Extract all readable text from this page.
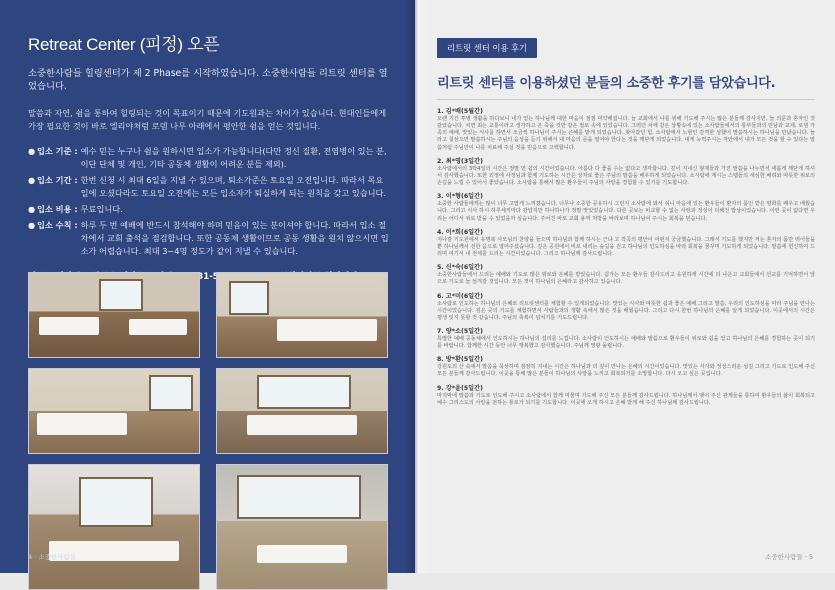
Retreat Center (피정) 오픈

소중한사람들 힐링센터가 제 2 Phase를 시작하였습니다. 소중한사람들 리트릿 센터를 열었습니다.

말씀과 자연, 쉼을 통하여 힐링되는 것이 목표이기 때문에 기도원과는 차이가 있습니다. 현대인들에게 가장 필요한 것이 바로 엘리야처럼 로뎀 나무 아래에서 평안한 쉼을 얻는 것입니다.

● 입소 기준 : 예수 믿는 누구나 쉼을 원하시면 입소가 가능합니다(다만 정신 질환, 전염병이 있는 분, 이단 단체 및 개인, 기타 공동체 생활이 어려운 분들 제외).
● 입소 기간 : 한번 신청 시 최대 6일을 지낼 수 있으며, 퇴소가준은 토요일 오전입니다. 따라서 목요일에 오셨다라도 토요일 오전에는 모든 입소자가 퇴실하게 되는 원칙을 갖고 있습니다.
● 입소 비용 : 무료입니다.
● 입소 수칙 : 하루 두 번 예배에 반드시 참석해야 하며 믿음이 있는 분이셔야 합니다. 따라서 입소 절차에서 교회 출석을 점검합니다. 또한 공동체 생활이므로 공동 생활을 원치 않으시면 입소가 어렵습니다. 최대 3~4명 정도가 같이 지낼 수 있습니다.

4 · 소중한사람들
리트릿 센터 이용 후기
리트릿 센터를 이용하셨던 분들의 소중한 후기를 담았습니다.

1. 김*배(5월간)

오랜 기간 투병 생활을 하다보니 내가 얻는 하나님께 대한 마음이 점점 미약해집니다. 늘 교회에서 나를 위해 기도해 주시는 많은 분들께 감사지만, 늘 의문과 혼자인 것 같았습니다. 치면 최는 교통이라고 생각하고 온 죽을 것만 같은 절로 속에 있었습니다. 그러던 차에 같은 상황속에 있는 소사람들에서의 통부들과의 만남과 교제, 로뎀 가족의 예배, 맛있는 식사를 하면서 조금씩 하나님이 주시는 은혜를 받게 되었습니다. 찾아갔던 힘, 소사람에서 노현인 감격한 성했어 말씀하시는 하나님을 만났습니다. 놀라고 칠삼으면 말씀하시는 주님의 음성을 듣기 위해서 내 마음의 문을 열어야 한다는 것을 깨닫게 되었습니다. 내게 능력주시는 자안에서 내가 모든 것을 할 수 있다는 말씀처럼 주님만이 나를 치료해 주실 것을 믿음으로 고백합니다.

2. 최*영(3일간)

소사람에서의 3박4일의 시간은 정말 먼 쉼의 시간이었습니다. 아름다 다 좋을 수는 없다고 생각합니다. 깊이 지내신 형제들과 가진 말씀을 나누면서 새롭게 깨닫게 하셔서 감사했습니다. 또한 외정에 사정님과 함께 기도하는 시간은 상처로 좋은 주님의 말씀을 배우하게 되었습니다. 소사람에 계시는 스텝들의 세심한 배려와 따뜻한 위로의 손길을 느낄 수 있어서 좋았습니다. 소사람을 통해서 많은 환우들이 주님의 사랑을 경험할 수 있기를 기도합니다.

3. 이*형(6일간)

소중한 사람들에게는 많이 너무 고맙게 느껴졌습니다. 너무나 소중한 공유하시 그런지 소사람에 와서 쉬니 마음에 있는 환우들이 환자의 몸인 받은 평화를 배우고 배웠습니다. 그리고 식사 하시 하루세끼마다 감압지만 하나하나가 정말 맛있었습니다. 다른 곳보는 비교할 수 없는 사랑과 정성이 더해진 밥상이었습니다. 이런 곳이 없다면 우리는 어디서 위로 받을 수 있었을까 싶습니다. 주어진 바로 교회 용역 처방을 바라보며 하나님이 주시는 회복을 믿습니다.

4. 이*희(6일간)

지나갈 기도원에서 유명복 사모님의 찬양을 들으며 하나님과 함께 하시는 근냐 고 작곡의 평안이 어떤지 궁금했습니다. 그래서 기도를 했지만 저는 혼자의 몸만 뛰어들을 뿐 하나님께서 선한 음으로 열어주셨습니다. 깊은 공원에서 비로 내리는 숲길을 걷고 하나님의 인도하심을 따라 회복을 꿈꾸며 기도하게 되었습니다. 말씀에 헌신하여 드리며 여기서 내 전체를 드리는 시간이었습니다. 그리고 하나님께 감사드립니다.

5. 신*숙(6일간)

소중한사람들에서 드리는 예배와 기도로 많은 위로와 은혜를 받았습니다. 쉼가는 모든 환우들 감사드리고 응원하게 시간에 더 나은고 교회들에서 선교를 기억하면서 앞으로 기도로 늘 섬겨갈 것입니다. 모든 것이 하나님의 은혜라고 감사하고 있습니다.

6. 고*미(6일간)

소사람로 인도하는 하나님의 은혜로 리트릿센터를 체험할 수 있게되었습니다. 맛있는 식사와 따뜻한 쉼과 좋은 예배 그리고 말씀, 우리의 인도하심을 따라 주님을 만나는 시간이었습니다. 깊은 곳의 기도를 체험하면서 사람들과의 생활 속에서 많은 것을 배웠습니다. 그리고 다시 한번 하나님의 은혜를 알게 되었습니다. 이곳에서의 시간은 평생 잊지 못할 것 같습니다. 주님의 축복이 넘치기를 기도드립니다.

7. 양*소(5일간)

특별한 예배 공동체에서 인도하시는 하나님의 섭리를 느낍니다. 소사람이 인도하시는 예배와 말씀으로 환우들이 위로와 쉼을 얻고 하나님의 은혜를 경험하는 곳이 되기를 바랍니다. 함께한 시간 동안 너무 행복했고 감사했습니다. 주님께 영광 돌립니다.

8. 방*환(5일간)

강원도의 산 속에서 말씀을 묵상하며 잠잠히 지내는 시간은 하나님과 더 깊이 만나는 은혜의 시간이었습니다. 맛있는 식사와 정성스러운 섬김 그리고 기도로 인도해 주신 모든 분들께 감사드립니다. 이곳을 통해 많은 분들이 하나님의 사랑을 느끼고 회복되기를 소망합니다. 다시 오고 싶은 곳입니다.

9. 강*윤(5일간)

마지막에 말씀과 기도로 인도해 주시고 소사람에서 함께 머물며 기도해 주신 모든 분들께 감사드립니다. 하나님께서 맺어 주신 관계들을 통하여 환우들의 삶이 회복되고 예수 그리스도의 사랑을 전하는 통로가 되기를 기도합니다. 이곳에 오게 하시고 은혜 받게 해 주신 하나님께 감사드립니다.

소중한사람들 · 5
